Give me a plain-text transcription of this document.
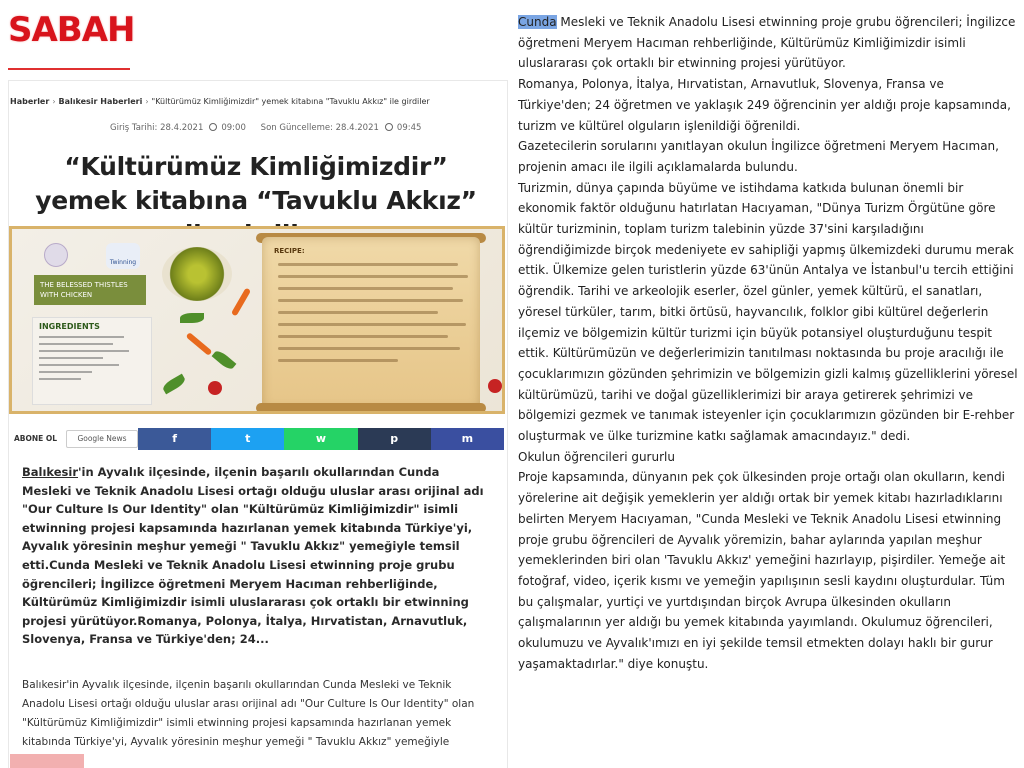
SABAH
Haberler › Balıkesir Haberleri › "Kültürümüz Kimliğimizdir" yemek kitabına "Tavuklu Akkız" ile girdiler
Giriş Tarihi: 28.4.2021 09:00 Son Güncelleme: 28.4.2021 09:45
“Kültürümüz Kimliğimizdir” yemek kitabına “Tavuklu Akkız”
Twinning
THE BELESSED THISTLES WITH CHICKEN
INGREDIENTS
RECIPE:
ABONE OL	Google News	f	t	w	p	m
Balıkesir'in Ayvalık ilçesinde, ilçenin başarılı okullarından Cunda Mesleki ve Teknik Anadolu Lisesi ortağı olduğu uluslar arası orijinal adı "Our Culture Is Our Identity" olan "Kültürümüz Kimliğimizdir" isimli etwinning projesi kapsamında hazırlanan yemek kitabında Türkiye'yi, Ayvalık yöresinin meşhur yemeği " Tavuklu Akkız" yemeğiyle temsil etti.Cunda Mesleki ve Teknik Anadolu Lisesi etwinning proje grubu öğrencileri; İngilizce öğretmeni Meryem Hacıman rehberliğinde, Kültürümüz Kimliğimizdir isimli uluslararası çok ortaklı bir etwinning projesi yürütüyor.Romanya, Polonya, İtalya, Hırvatistan, Arnavutluk, Slovenya, Fransa ve Türkiye'den; 24...
Balıkesir'in Ayvalık ilçesinde, ilçenin başarılı okullarından Cunda Mesleki ve Teknik Anadolu Lisesi ortağı olduğu uluslar arası orijinal adı "Our Culture Is Our Identity" olan "Kültürümüz Kimliğimizdir" isimli etwinning projesi kapsamında hazırlanan yemek kitabında Türkiye'yi, Ayvalık yöresinin meşhur yemeği " Tavuklu Akkız" yemeğiyle

Cunda Mesleki ve Teknik Anadolu Lisesi etwinning proje grubu öğrencileri; İngilizce öğretmeni Meryem Hacıman rehberliğinde, Kültürümüz Kimliğimizdir isimli uluslararası çok ortaklı bir etwinning projesi yürütüyor.

Romanya, Polonya, İtalya, Hırvatistan, Arnavutluk, Slovenya, Fransa ve Türkiye'den; 24 öğretmen ve yaklaşık 249 öğrencinin yer aldığı proje kapsamında, turizm ve kültürel olguların işlenildiği öğrenildi.

Gazetecilerin sorularını yanıtlayan okulun İngilizce öğretmeni Meryem Hacıman, projenin amacı ile ilgili açıklamalarda bulundu.

Turizmin, dünya çapında büyüme ve istihdama katkıda bulunan önemli bir ekonomik faktör olduğunu hatırlatan Hacıyaman, "Dünya Turizm Örgütüne göre kültür turizminin, toplam turizm talebinin yüzde 37'sini karşıladığını öğrendiğimizde birçok medeniyete ev sahipliği yapmış ülkemizdeki durumu merak ettik. Ülkemize gelen turistlerin yüzde 63'ünün Antalya ve İstanbul'u tercih ettiğini öğrendik. Tarihi ve arkeolojik eserler, özel günler, yemek kültürü, el sanatları, yöresel türküler, tarım, bitki örtüsü, hayvancılık, folklor gibi kültürel değerlerin ilçemiz ve bölgemizin kültür turizmi için büyük potansiyel oluşturduğunu tespit ettik. Kültürümüzün ve değerlerimizin tanıtılması noktasında bu proje aracılığı ile çocuklarımızın gözünden şehrimizin ve bölgemizin gizli kalmış güzelliklerini yöresel kültürümüzü, tarihi ve doğal güzelliklerimizi bir araya getirerek şehrimizi ve bölgemizi gezmek ve tanımak isteyenler için çocuklarımızın gözünden bir E-rehber oluşturmak ve ülke turizmine katkı sağlamak amacındayız." dedi.

Okulun öğrencileri gururlu

Proje kapsamında, dünyanın pek çok ülkesinden proje ortağı olan okulların, kendi yörelerine ait değişik yemeklerin yer aldığı ortak bir yemek kitabı hazırladıklarını belirten Meryem Hacıyaman, "Cunda Mesleki ve Teknik Anadolu Lisesi etwinning proje grubu öğrencileri de Ayvalık yöremizin, bahar aylarında yapılan meşhur yemeklerinden biri olan 'Tavuklu Akkız' yemeğini hazırlayıp, pişirdiler. Yemeğe ait fotoğraf, video, içerik kısmı ve yemeğin yapılışının sesli kaydını oluşturdular. Tüm bu çalışmalar, yurtiçi ve yurtdışından birçok Avrupa ülkesinden okulların çalışmalarının yer aldığı bu yemek kitabında yayımlandı. Okulumuz öğrencileri, okulumuzu ve Ayvalık'ımızı en iyi şekilde temsil etmekten dolayı haklı bir gurur yaşamaktadırlar." diye konuştu.
